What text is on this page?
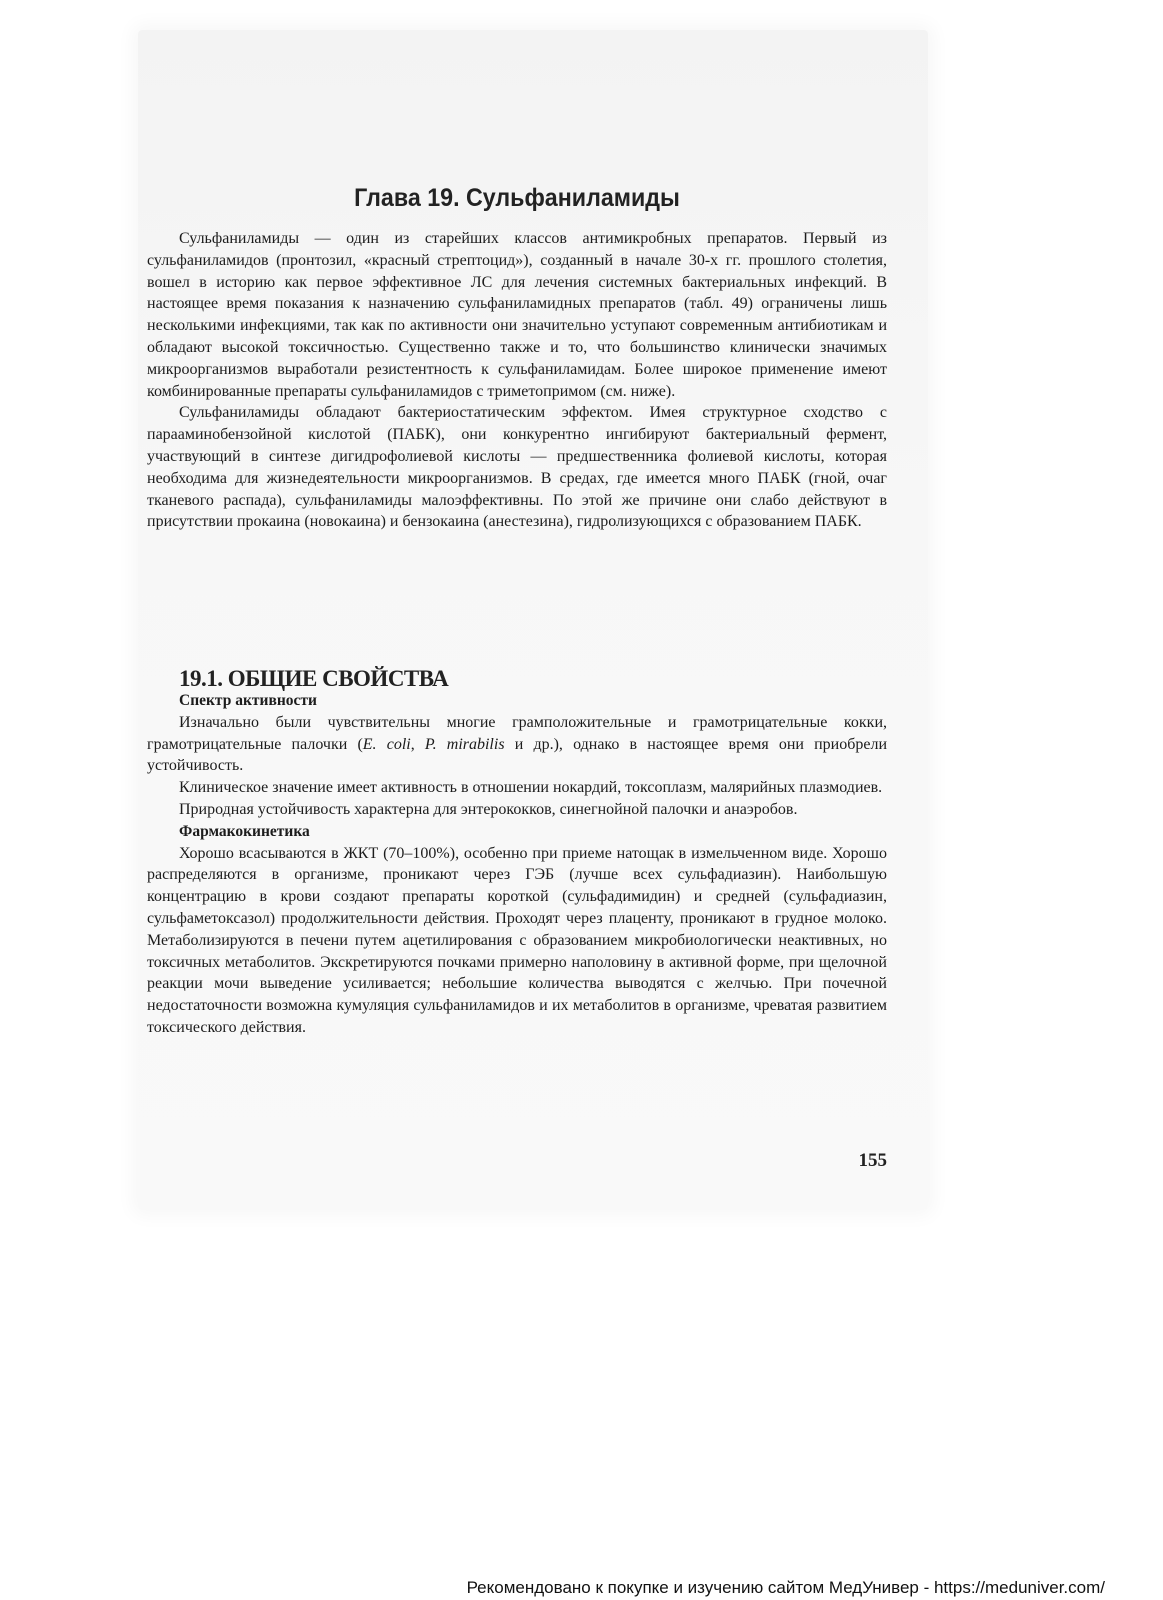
Глава 19. Сульфаниламиды

Сульфаниламиды — один из старейших классов антимикробных препаратов. Первый из сульфаниламидов (пронтозил, «красный стрептоцид»), созданный в начале 30-х гг. прошлого столетия, вошел в историю как первое эффективное ЛС для лечения системных бактериальных инфекций. В настоящее время показания к назначению сульфаниламидных препаратов (табл. 49) ограничены лишь несколькими инфекциями, так как по активности они значительно уступают современным антибиотикам и обладают высокой токсичностью. Существенно также и то, что большинство клинически значимых микроорганизмов выработали резистентность к сульфаниламидам. Более широкое применение имеют комбинированные препараты сульфаниламидов с триметопримом (см. ниже).

Сульфаниламиды обладают бактериостатическим эффектом. Имея структурное сходство с парааминобензойной кислотой (ПАБК), они конкурентно ингибируют бактериальный фермент, участвующий в синтезе дигидрофолиевой кислоты — предшественника фолиевой кислоты, которая необходима для жизнедеятельности микроорганизмов. В средах, где имеется много ПАБК (гной, очаг тканевого распада), сульфаниламиды малоэффективны. По этой же причине они слабо действуют в присутствии прокаина (новокаина) и бензокаина (анестезина), гидролизующихся с образованием ПАБК.

19.1. ОБЩИЕ СВОЙСТВА
Спектр активности

Изначально были чувствительны многие грамположительные и грамотрицательные кокки, грамотрицательные палочки (E. coli, P. mirabilis и др.), однако в настоящее время они приобрели устойчивость.

Клиническое значение имеет активность в отношении нокардий, токсоплазм, малярийных плазмодиев.

Природная устойчивость характерна для энтерококков, синегнойной палочки и анаэробов.

Фармакокинетика

Хорошо всасываются в ЖКТ (70–100%), особенно при приеме натощак в измельченном виде. Хорошо распределяются в организме, проникают через ГЭБ (лучше всех сульфадиазин). Наибольшую концентрацию в крови создают препараты короткой (сульфадимидин) и средней (сульфадиазин, сульфаметоксазол) продолжительности действия. Проходят через плаценту, проникают в грудное молоко. Метаболизируются в печени путем ацетилирования с образованием микробиологически неактивных, но токсичных метаболитов. Экскретируются почками примерно наполовину в активной форме, при щелочной реакции мочи выведение усиливается; небольшие количества выводятся с желчью. При почечной недостаточности возможна кумуляция сульфаниламидов и их метаболитов в организме, чреватая развитием токсического действия.

155
Рекомендовано к покупке и изучению сайтом МедУнивер - https://meduniver.com/
